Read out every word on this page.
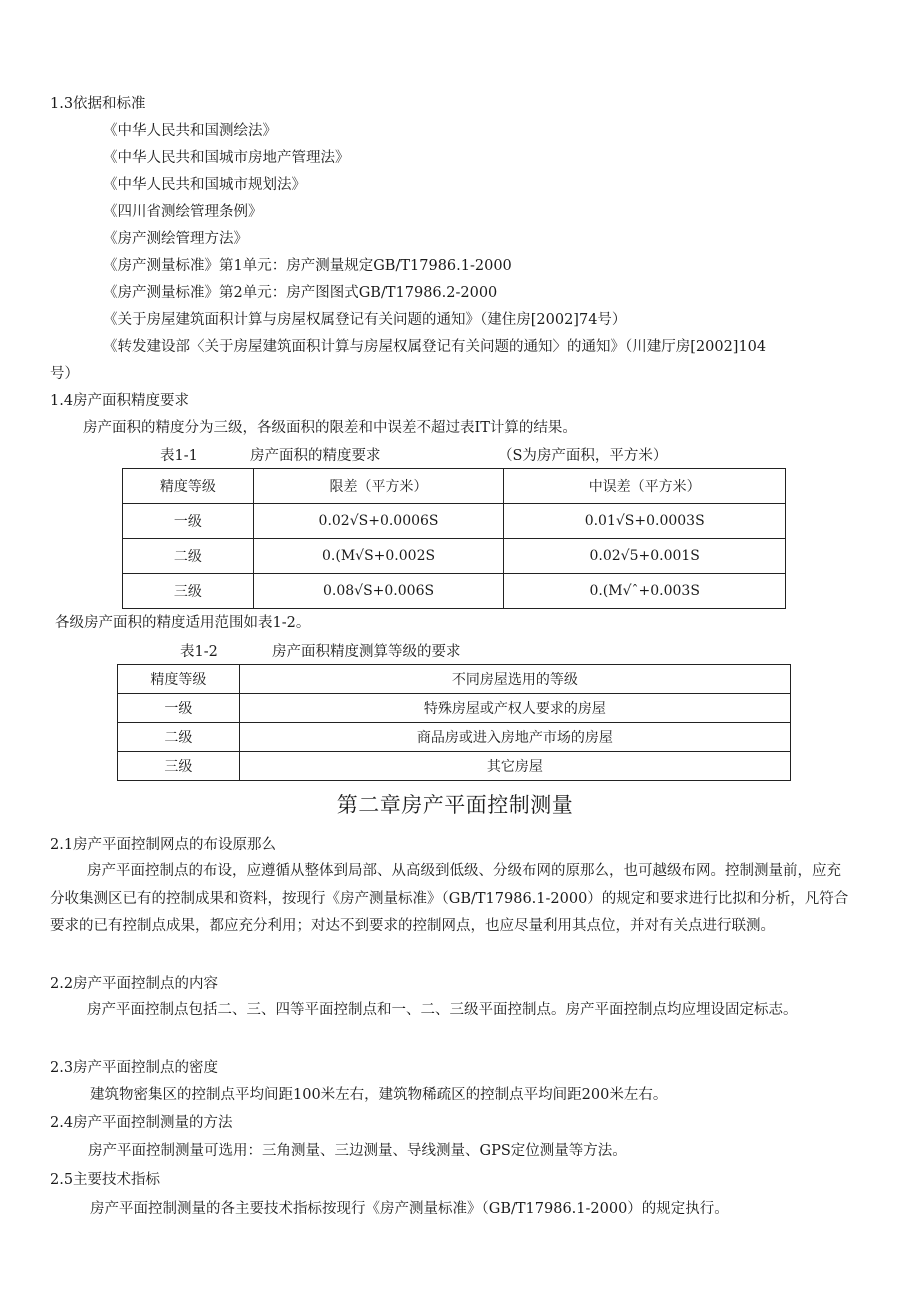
1.3依据和标准
《中华人民共和国测绘法》
《中华人民共和国城市房地产管理法》
《中华人民共和国城市规划法》
《四川省测绘管理条例》
《房产测绘管理方法》
《房产测量标准》第1单元：房产测量规定GB/T17986.1-2000
《房产测量标准》第2单元：房产图图式GB/T17986.2-2000
《关于房屋建筑面积计算与房屋权属登记有关问题的通知》（建住房[2002]74号）
《转发建设部〈关于房屋建筑面积计算与房屋权属登记有关问题的通知〉的通知》（川建厅房[2002]104
号）
1.4房产面积精度要求
房产面积的精度分为三级，各级面积的限差和中误差不超过表IT计算的结果。
表1-1	房产面积的精度要求	（S为房产面积，平方米）
精度等级	限差（平方米）	中误差（平方米）
一级	0.02√S+0.0006S	0.01√S+0.0003S
二级	0.(M√S+0.002S	0.02√5+0.001S
三级	0.08√S+0.006S	0.(M√ˆ+0.003S
各级房产面积的精度适用范围如表1-2。
表1-2	房产面积精度测算等级的要求
精度等级	不同房屋选用的等级
一级	特殊房屋或产权人要求的房屋
二级	商品房或进入房地产市场的房屋
三级	其它房屋
第二章房产平面控制测量
2.1房产平面控制网点的布设原那么
房产平面控制点的布设，应遵循从整体到局部、从高级到低级、分级布网的原那么，也可越级布网。控制测量前，应充分收集测区已有的控制成果和资料，按现行《房产测量标准》（GB/T17986.1-2000）的规定和要求进行比拟和分析，凡符合要求的已有控制点成果，都应充分利用；对达不到要求的控制网点，也应尽量利用其点位，并对有关点进行联测。
2.2房产平面控制点的内容
房产平面控制点包括二、三、四等平面控制点和一、二、三级平面控制点。房产平面控制点均应埋设固定标志。
2.3房产平面控制点的密度
建筑物密集区的控制点平均间距100米左右，建筑物稀疏区的控制点平均间距200米左右。
2.4房产平面控制测量的方法
房产平面控制测量可选用：三角测量、三边测量、导线测量、GPS定位测量等方法。
2.5主要技术指标
房产平面控制测量的各主要技术指标按现行《房产测量标准》（GB/T17986.1-2000）的规定执行。
